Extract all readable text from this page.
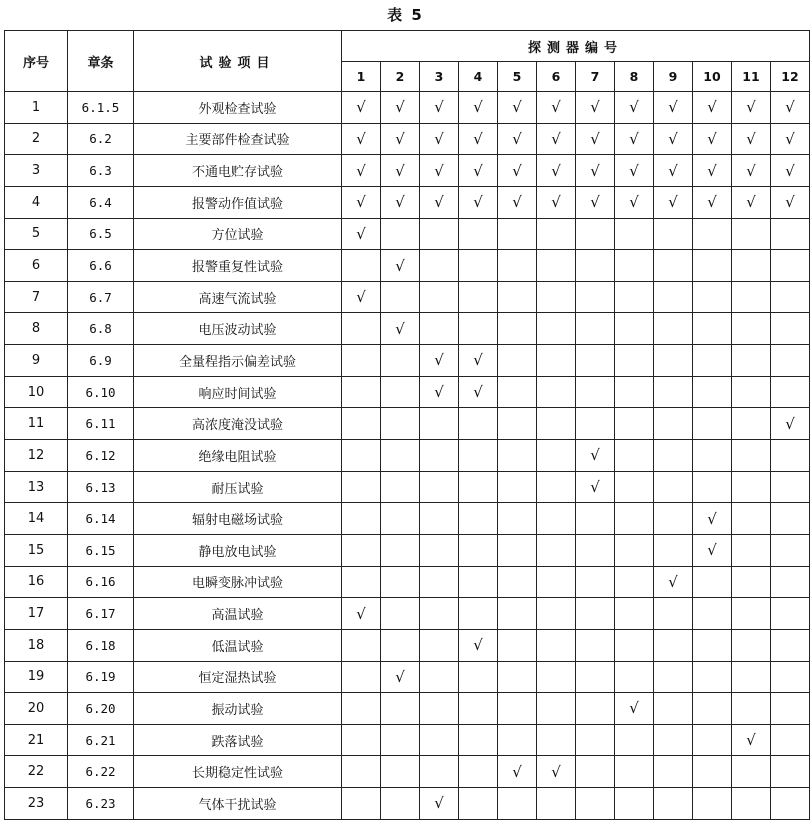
表 5
序号	章条	试验项目	探测器编号											
			1	2	3	4	5	6	7	8	9	10	11	12
1	6.1.5	外观检查试验	√	√	√	√	√	√	√	√	√	√	√	√
2	6.2	主要部件检查试验	√	√	√	√	√	√	√	√	√	√	√	√
3	6.3	不通电贮存试验	√	√	√	√	√	√	√	√	√	√	√	√
4	6.4	报警动作值试验	√	√	√	√	√	√	√	√	√	√	√	√
5	6.5	方位试验	√											
6	6.6	报警重复性试验		√										
7	6.7	高速气流试验	√											
8	6.8	电压波动试验		√										
9	6.9	全量程指示偏差试验			√	√								
10	6.10	响应时间试验			√	√								
11	6.11	高浓度淹没试验												√
12	6.12	绝缘电阻试验							√					
13	6.13	耐压试验							√					
14	6.14	辐射电磁场试验										√		
15	6.15	静电放电试验										√		
16	6.16	电瞬变脉冲试验									√			
17	6.17	高温试验	√											
18	6.18	低温试验				√								
19	6.19	恒定湿热试验		√										
20	6.20	振动试验								√				
21	6.21	跌落试验											√	
22	6.22	长期稳定性试验					√	√						
23	6.23	气体干扰试验			√									
